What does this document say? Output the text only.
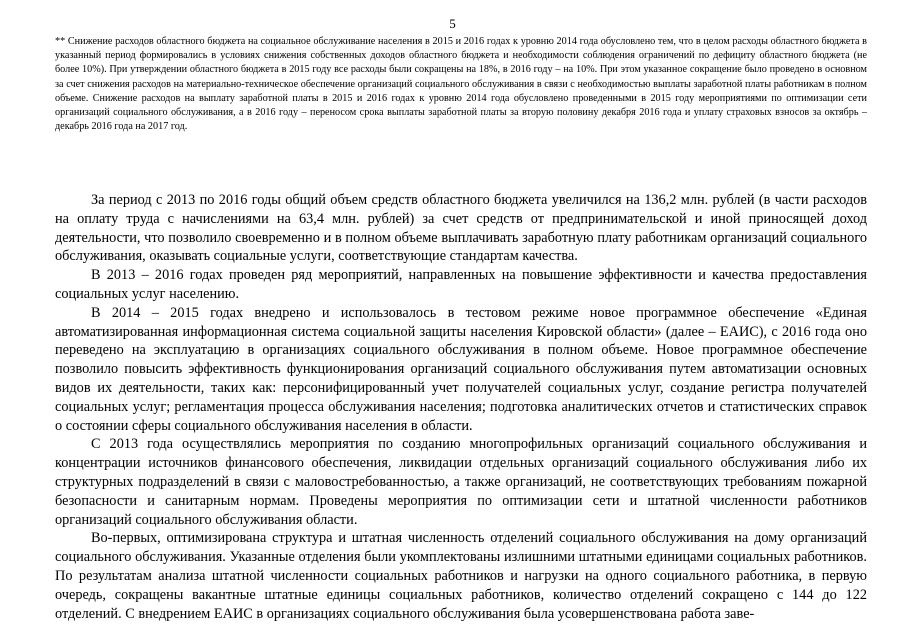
5

** Снижение расходов областного бюджета на социальное обслуживание населения в 2015 и 2016 годах к уровню 2014 года обусловлено тем, что в целом расходы областного бюджета в указанный период формировались в условиях снижения собственных доходов областного бюджета и необходимости соблюдения ограничений по дефициту областного бюджета (не более 10%). При утверждении областного бюджета в 2015 году все расходы были сокращены на 18%, в 2016 году – на 10%. При этом указанное сокращение было проведено в основном за счет снижения расходов на материально-техническое обеспечение организаций социального обслуживания в связи с необходимостью выплаты заработной платы работникам в полном объеме. Снижение расходов на выплату заработной платы в 2015 и 2016 годах к уровню 2014 года обусловлено проведенными в 2015 году мероприятиями по оптимизации сети организаций социального обслуживания, а в 2016 году – переносом срока выплаты заработной платы за вторую половину декабря 2016 года и уплату страховых взносов за октябрь – декабрь 2016 года на 2017 год.

За период с 2013 по 2016 годы общий объем средств областного бюджета увеличился на 136,2 млн. рублей (в части расходов на оплату труда с начислениями на 63,4 млн. рублей) за счет средств от предпринимательской и иной приносящей доход деятельности, что позволило своевременно и в полном объеме выплачивать заработную плату работникам организаций социального обслуживания, оказывать социальные услуги, соответствующие стандартам качества.

В 2013 – 2016 годах проведен ряд мероприятий, направленных на повышение эффективности и качества предоставления социальных услуг населению.

В 2014 – 2015 годах внедрено и использовалось в тестовом режиме новое программное обеспечение «Единая автоматизированная информационная система социальной защиты населения Кировской области» (далее – ЕАИС), с 2016 года оно переведено на эксплуатацию в организациях социального обслуживания в полном объеме. Новое программное обеспечение позволило повысить эффективность функционирования организаций социального обслуживания путем автоматизации основных видов их деятельности, таких как: персонифицированный учет получателей социальных услуг, создание регистра получателей социальных услуг; регламентация процесса обслуживания населения; подготовка аналитических отчетов и статистических справок о состоянии сферы социального обслуживания населения в области.

С 2013 года осуществлялись мероприятия по созданию многопрофильных организаций социального обслуживания и концентрации источников финансового обеспечения, ликвидации отдельных организаций социального обслуживания либо их структурных подразделений в связи с маловостребованностью, а также организаций, не соответствующих требованиям пожарной безопасности и санитарным нормам. Проведены мероприятия по оптимизации сети и штатной численности работников организаций социального обслуживания области.

Во-первых, оптимизирована структура и штатная численность отделений социального обслуживания на дому организаций социального обслуживания. Указанные отделения были укомплектованы излишними штатными единицами социальных работников. По результатам анализа штатной численности социальных работников и нагрузки на одного социального работника, в первую очередь, сокращены вакантные штатные единицы социальных работников, количество отделений сокращено с 144 до 122 отделений. С внедрением ЕАИС в организациях социального обслуживания была усовершенствована работа заве-
